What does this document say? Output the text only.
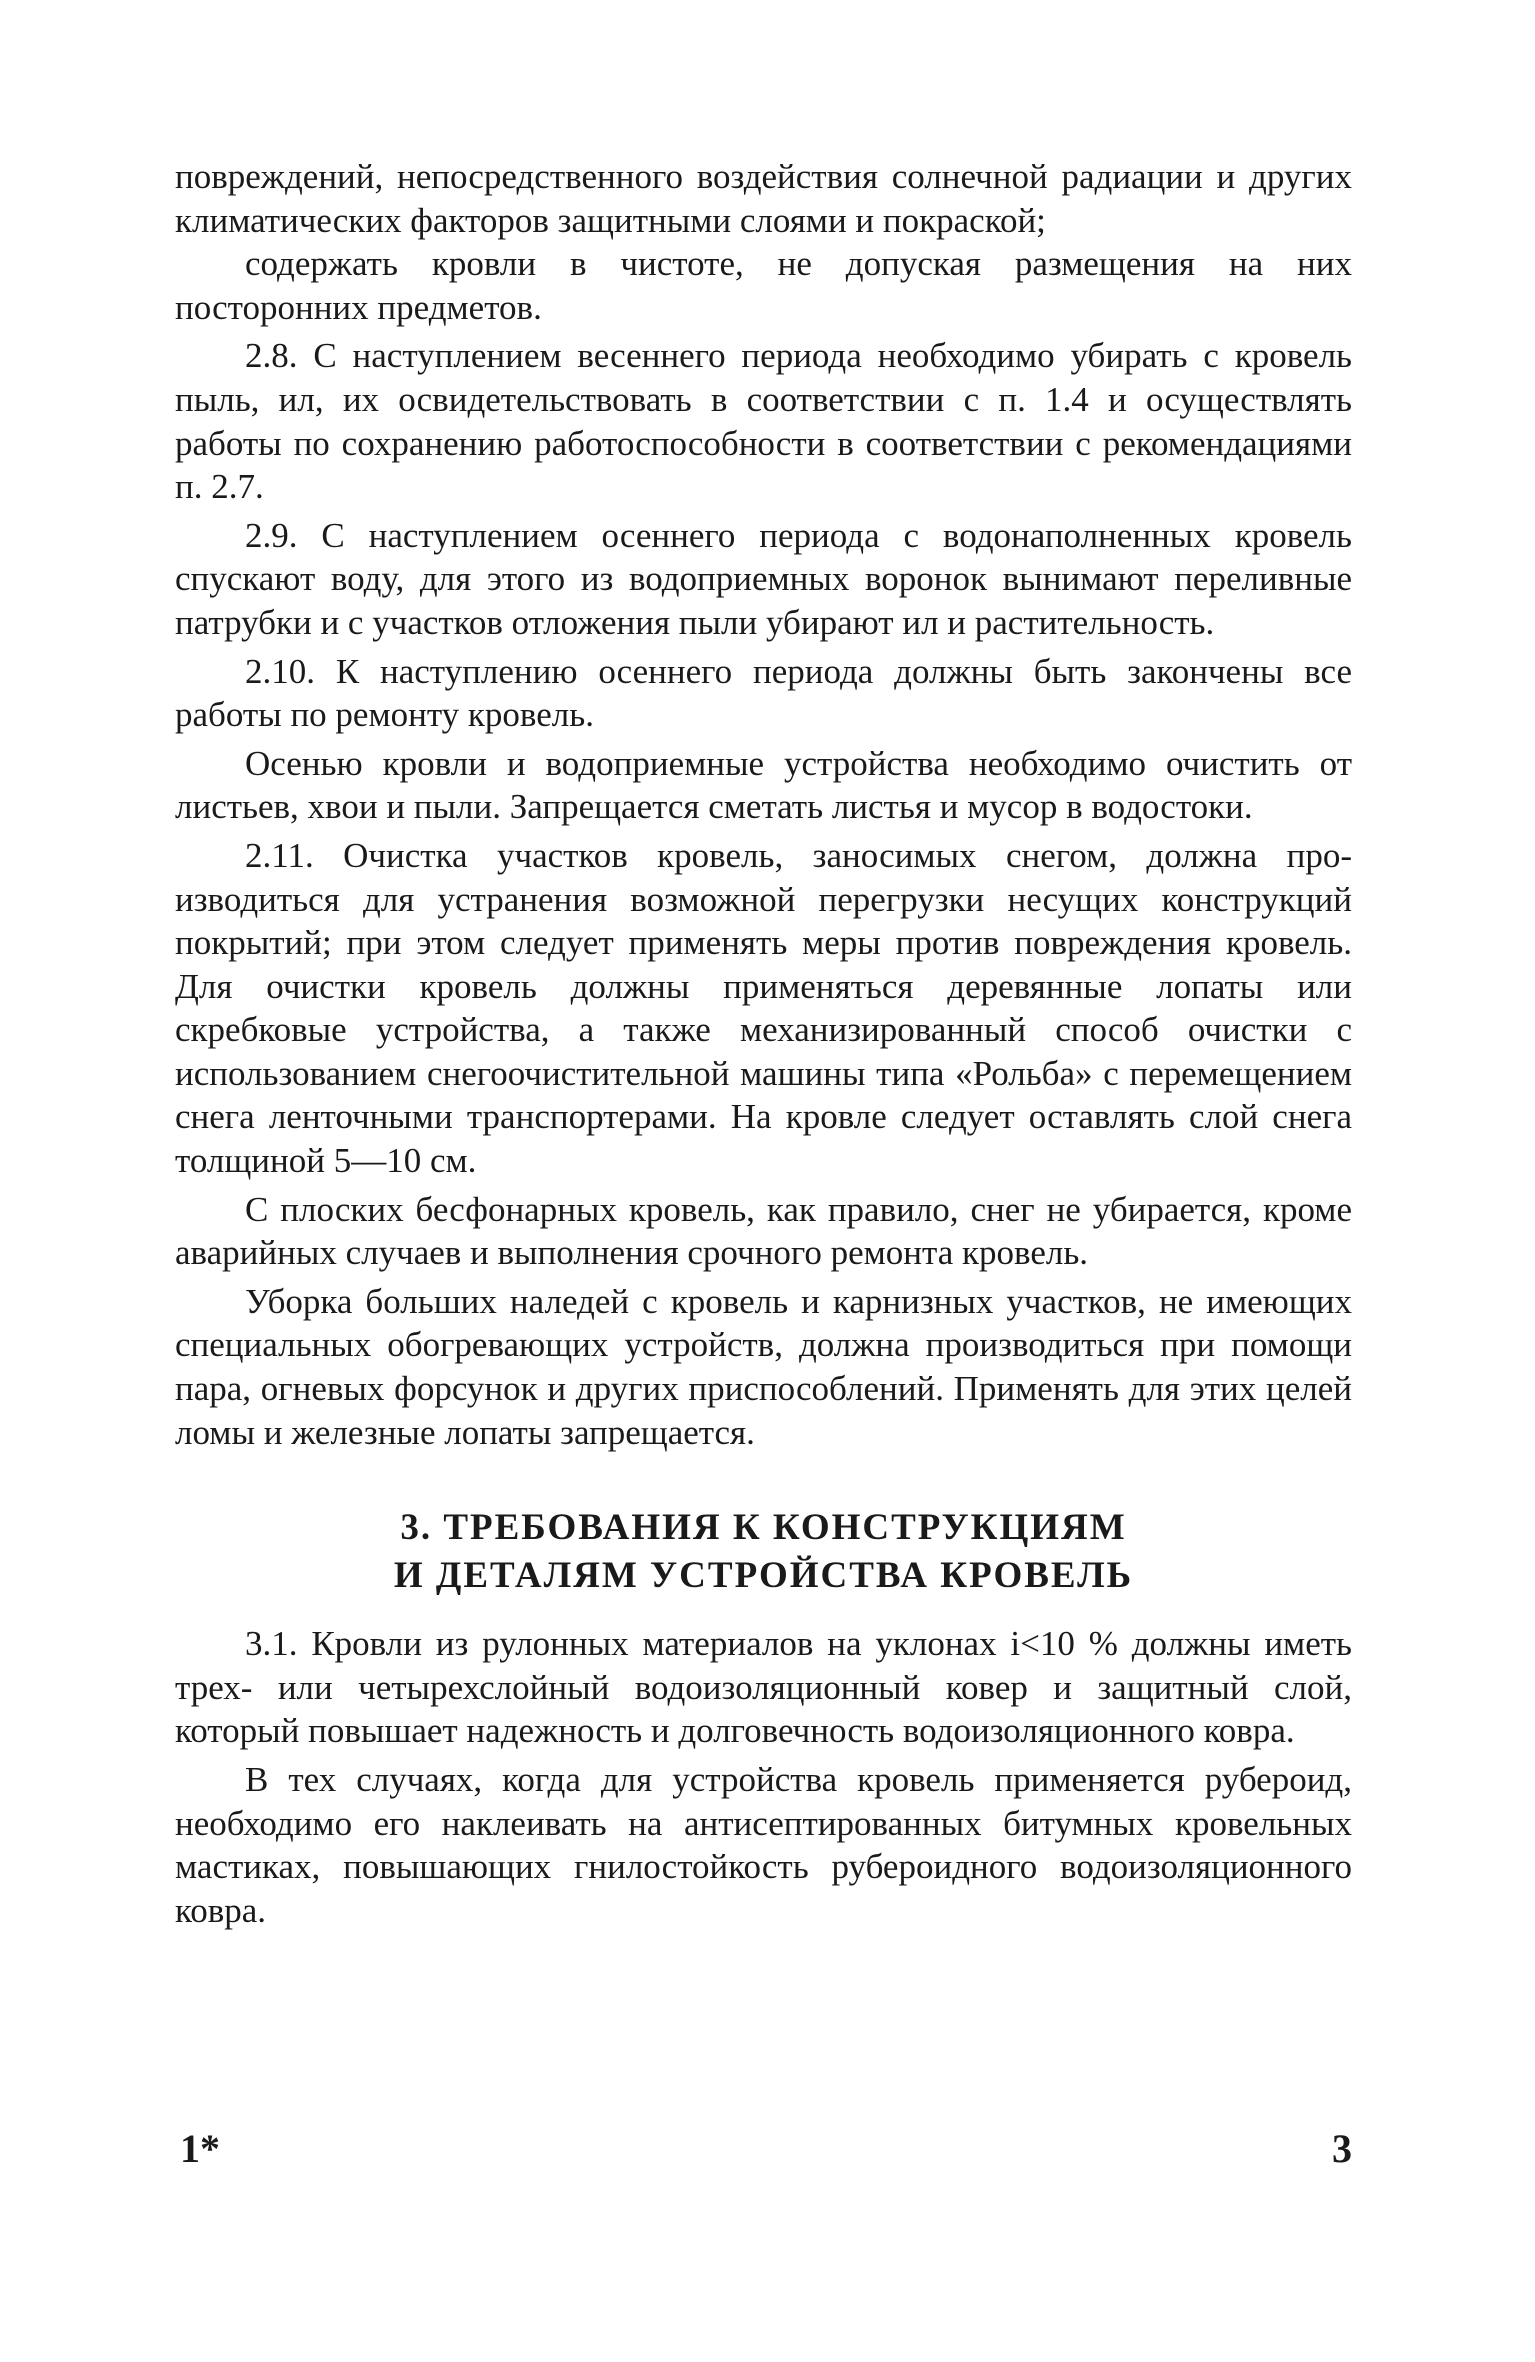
повреждений, непосредственного воздействия солнечной радиации и других климатических факторов защитными слоями и покраской;

содержать кровли в чистоте, не допуская размещения на них посторонних предметов.

2.8. С наступлением весеннего периода необходимо убирать с кровель пыль, ил, их освидетельствовать в соответствии с п. 1.4 и осуществлять работы по сохранению работоспособности в соответствии с рекомендациями п. 2.7.

2.9. С наступлением осеннего периода с водонаполненных кровель спускают воду, для этого из водоприемных воронок вынимают переливные патрубки и с участков отложения пыли убирают ил и растительность.

2.10. К наступлению осеннего периода должны быть закончены все работы по ремонту кровель.

Осенью кровли и водоприемные устройства необходимо очистить от листьев, хвои и пыли. Запрещается сметать листья и мусор в водостоки.

2.11. Очистка участков кровель, заносимых снегом, должна производиться для устранения возможной перегрузки несущих конструкций покрытий; при этом следует применять меры против повреждения кровель. Для очистки кровель должны применяться деревянные лопаты или скребковые устройства, а также механизированный способ очистки с использованием снегоочистительной машины типа «Рольба» с перемещением снега ленточными транспортерами. На кровле следует оставлять слой снега толщиной 5—10 см.

С плоских бесфонарных кровель, как правило, снег не убирается, кроме аварийных случаев и выполнения срочного ремонта кровель.

Уборка больших наледей с кровель и карнизных участков, не имеющих специальных обогревающих устройств, должна производиться при помощи пара, огневых форсунок и других приспособлений. Применять для этих целей ломы и железные лопаты запрещается.

3. ТРЕБОВАНИЯ К КОНСТРУКЦИЯМ
И ДЕТАЛЯМ УСТРОЙСТВА КРОВЕЛЬ

3.1. Кровли из рулонных материалов на уклонах i<10 % должны иметь трех- или четырехслойный водоизоляционный ковер и защитный слой, который повышает надежность и долговечность водоизоляционного ковра.

В тех случаях, когда для устройства кровель применяется рубероид, необходимо его наклеивать на антисептированных битумных кровельных мастиках, повышающих гнилостойкость рубероидного водоизоляционного ковра.

1*	3
